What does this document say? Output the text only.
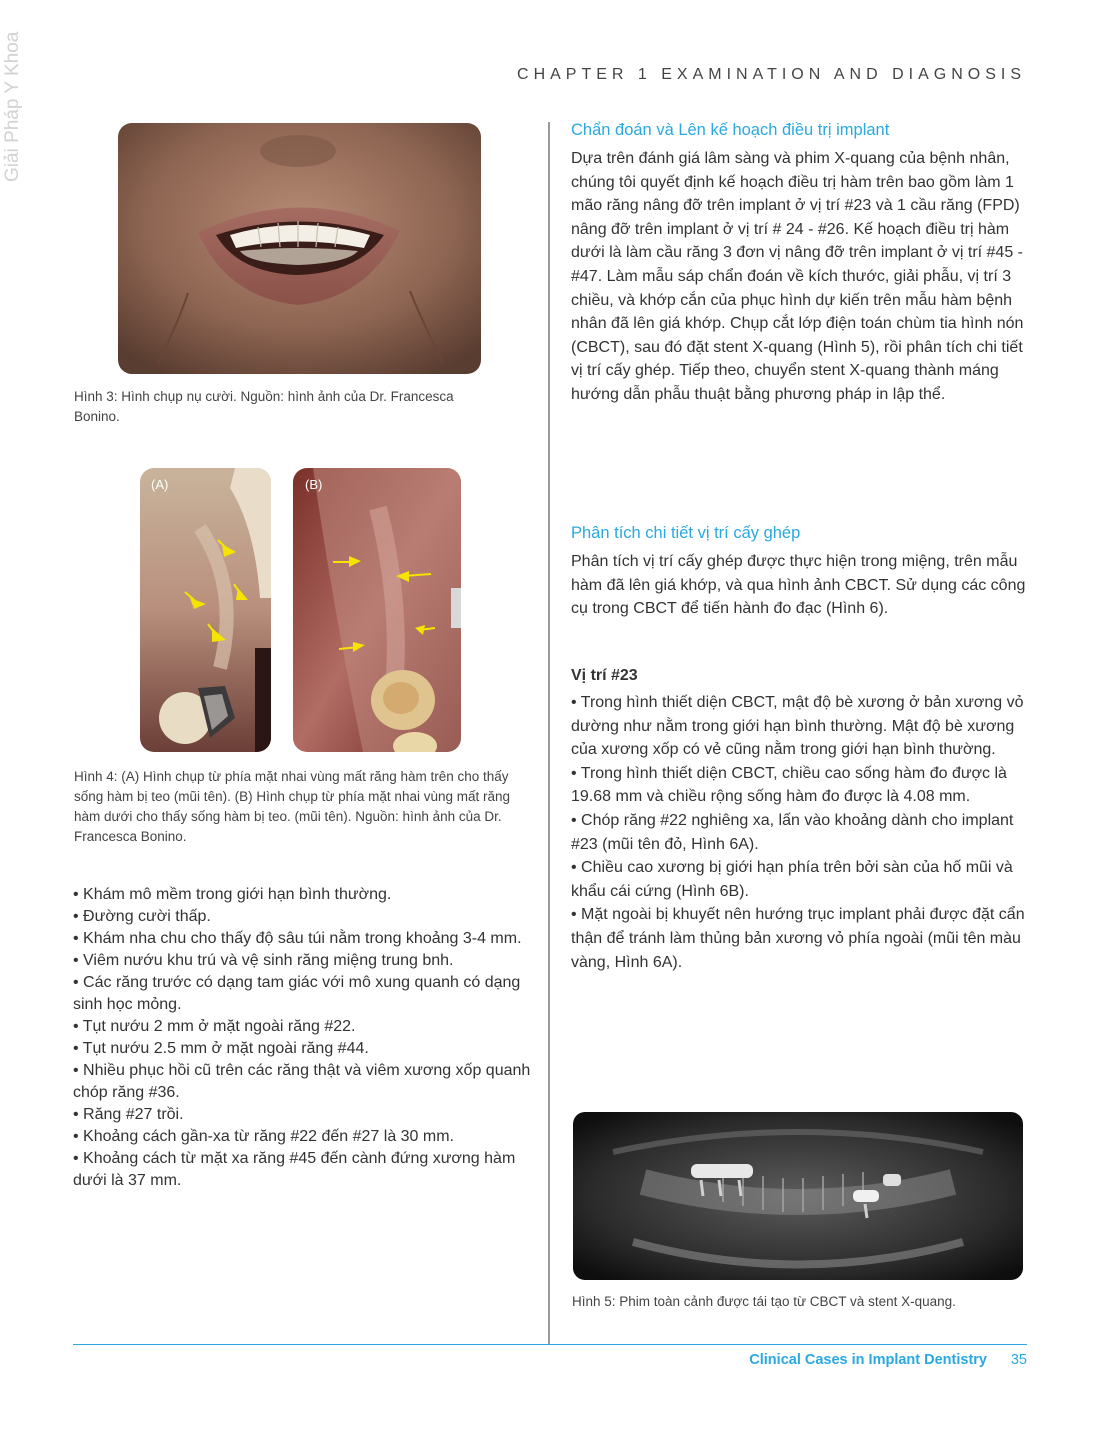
Giải Pháp Y Khoa	CHAPTER 1 EXAMINATION AND DIAGNOSIS
Hình 3: Hình chụp nụ cười. Nguồn: hình ảnh của Dr. Francesca Bonino.
(A)	(B)
Hình 4: (A) Hình chụp từ phía mặt nhai vùng mất răng hàm trên cho thấy sống hàm bị teo (mũi tên). (B) Hình chụp từ phía mặt nhai vùng mất răng hàm dưới cho thấy sống hàm bị teo. (mũi tên). Nguồn: hình ảnh của Dr. Francesca Bonino.
• Khám mô mềm trong giới hạn bình thường.
• Đường cười thấp.
• Khám nha chu cho thấy độ sâu túi nằm trong khoảng 3-4 mm.
• Viêm nướu khu trú và vệ sinh răng miệng trung bnh.
• Các răng trước có dạng tam giác với mô xung quanh có dạng sinh học mỏng.
• Tụt nướu 2 mm ở mặt ngoài răng #22.
• Tụt nướu 2.5 mm ở mặt ngoài răng #44.
• Nhiều phục hồi cũ trên các răng thật và viêm xương xốp quanh chóp răng #36.
• Răng #27 trồi.
• Khoảng cách gần-xa từ răng #22 đến #27 là 30 mm.
• Khoảng cách từ mặt xa răng #45 đến cành đứng xương hàm dưới là 37 mm.
Chẩn đoán và Lên kế hoạch điều trị implant

Dựa trên đánh giá lâm sàng và phim X-quang của bệnh nhân, chúng tôi quyết định kế hoạch điều trị hàm trên bao gồm làm 1 mão răng nâng đỡ trên implant ở vị trí #23 và 1 cầu răng (FPD) nâng đỡ trên implant ở vị trí # 24 - #26. Kế hoạch điều trị hàm dưới là làm cầu răng 3 đơn vị nâng đỡ trên implant ở vị trí #45 - #47. Làm mẫu sáp chẩn đoán về kích thước, giải phẫu, vị trí 3 chiều, và khớp cắn của phục hình dự kiến trên mẫu hàm bệnh nhân đã lên giá khớp. Chụp cắt lớp điện toán chùm tia hình nón (CBCT), sau đó đặt stent X-quang (Hình 5), rồi phân tích chi tiết vị trí cấy ghép. Tiếp theo, chuyển stent X-quang thành máng hướng dẫn phẫu thuật bằng phương pháp in lập thể.

Phân tích chi tiết vị trí cấy ghép

Phân tích vị trí cấy ghép được thực hiện trong miệng, trên mẫu hàm đã lên giá khớp, và qua hình ảnh CBCT. Sử dụng các công cụ trong CBCT để tiến hành đo đạc (Hình 6).

Vị trí #23

• Trong hình thiết diện CBCT, mật độ bè xương ở bản xương vỏ dường như nằm trong giới hạn bình thường. Mật độ bè xương của xương xốp có vẻ cũng nằm trong giới hạn bình thường.

• Trong hình thiết diện CBCT, chiều cao sống hàm đo được là 19.68 mm và chiều rộng sống hàm đo được là 4.08 mm.

• Chóp răng #22 nghiêng xa, lấn vào khoảng dành cho implant #23 (mũi tên đỏ, Hình 6A).

• Chiều cao xương bị giới hạn phía trên bởi sàn của hố mũi và khẩu cái cứng (Hình 6B).

• Mặt ngoài bị khuyết nên hướng trục implant phải được đặt cẩn thận để tránh làm thủng bản xương vỏ phía ngoài (mũi tên màu vàng, Hình 6A).

Hình 5: Phim toàn cảnh được tái tạo từ CBCT và stent X-quang.
Clinical Cases in Implant Dentistry	35
